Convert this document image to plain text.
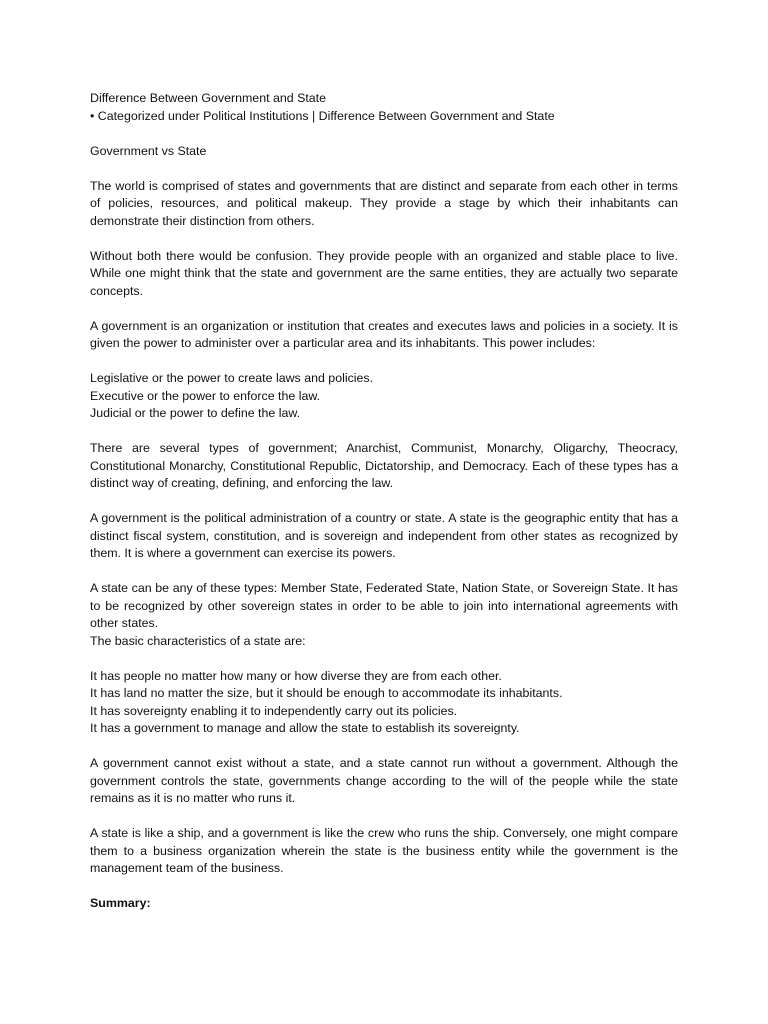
Difference Between Government and State

• Categorized under Political Institutions | Difference Between Government and State

Government vs State

The world is comprised of states and governments that are distinct and separate from each other in terms of policies, resources, and political makeup. They provide a stage by which their inhabitants can demonstrate their distinction from others.

Without both there would be confusion. They provide people with an organized and stable place to live. While one might think that the state and government are the same entities, they are actually two separate concepts.

A government is an organization or institution that creates and executes laws and policies in a society. It is given the power to administer over a particular area and its inhabitants. This power includes:

Legislative or the power to create laws and policies.

Executive or the power to enforce the law.

Judicial or the power to define the law.

There are several types of government; Anarchist, Communist, Monarchy, Oligarchy, Theocracy, Constitutional Monarchy, Constitutional Republic, Dictatorship, and Democracy. Each of these types has a distinct way of creating, defining, and enforcing the law.

A government is the political administration of a country or state. A state is the geographic entity that has a distinct fiscal system, constitution, and is sovereign and independent from other states as recognized by them. It is where a government can exercise its powers.

A state can be any of these types: Member State, Federated State, Nation State, or Sovereign State. It has to be recognized by other sovereign states in order to be able to join into international agreements with other states.

The basic characteristics of a state are:

It has people no matter how many or how diverse they are from each other.

It has land no matter the size, but it should be enough to accommodate its inhabitants.

It has sovereignty enabling it to independently carry out its policies.

It has a government to manage and allow the state to establish its sovereignty.

A government cannot exist without a state, and a state cannot run without a government. Although the government controls the state, governments change according to the will of the people while the state remains as it is no matter who runs it.

A state is like a ship, and a government is like the crew who runs the ship. Conversely, one might compare them to a business organization wherein the state is the business entity while the government is the management team of the business.

Summary:
